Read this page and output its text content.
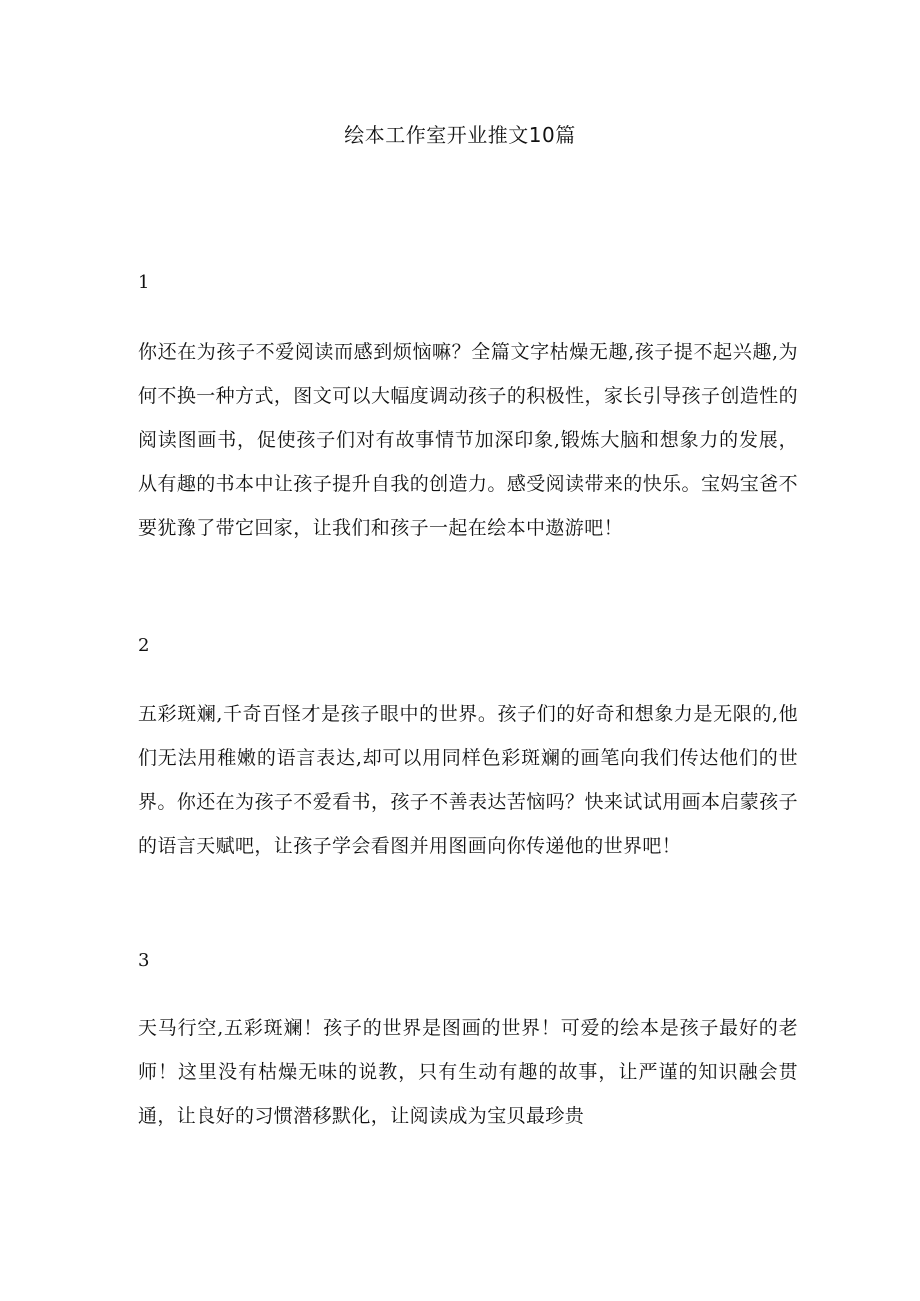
绘本工作室开业推文10篇

1

你还在为孩子不爱阅读而感到烦恼嘛？全篇文字枯燥无趣,孩子提不起兴趣,为何不换一种方式，图文可以大幅度调动孩子的积极性，家长引导孩子创造性的阅读图画书，促使孩子们对有故事情节加深印象,锻炼大脑和想象力的发展，从有趣的书本中让孩子提升自我的创造力。感受阅读带来的快乐。宝妈宝爸不要犹豫了带它回家，让我们和孩子一起在绘本中遨游吧！

2

五彩斑斓,千奇百怪才是孩子眼中的世界。孩子们的好奇和想象力是无限的,他们无法用稚嫩的语言表达,却可以用同样色彩斑斓的画笔向我们传达他们的世界。你还在为孩子不爱看书，孩子不善表达苦恼吗？快来试试用画本启蒙孩子的语言天赋吧，让孩子学会看图并用图画向你传递他的世界吧！

3

天马行空,五彩斑斓！孩子的世界是图画的世界！可爱的绘本是孩子最好的老师！这里没有枯燥无味的说教，只有生动有趣的故事，让严谨的知识融会贯通，让良好的习惯潜移默化，让阅读成为宝贝最珍贵
